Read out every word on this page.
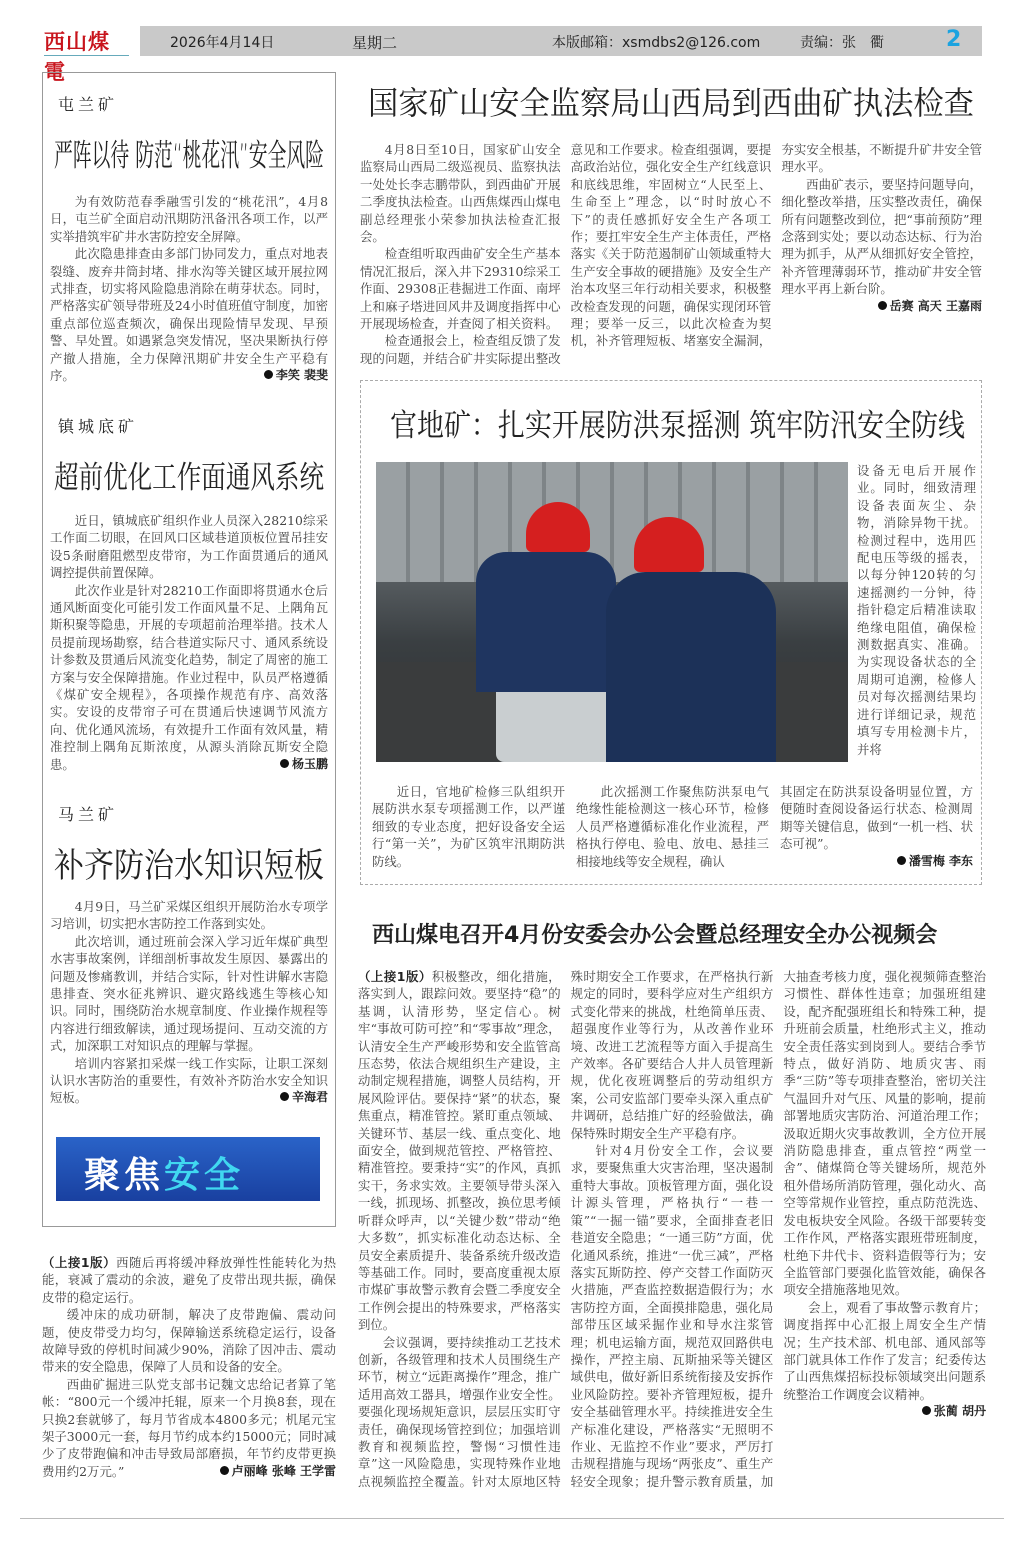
西山煤電
2026年4月14日	星期二	本版邮箱：xsmdbs2@126.com	责编：张　衢	2
屯兰矿
严阵以待 防范“桃花汛”安全风险

为有效防范春季融雪引发的“桃花汛”，4月8日，屯兰矿全面启动汛期防汛备汛各项工作，以严实举措筑牢矿井水害防控安全屏障。

此次隐患排查由多部门协同发力，重点对地表裂缝、废弃井筒封堵、排水沟等关键区域开展拉网式排查，切实将风险隐患消除在萌芽状态。同时，严格落实矿领导带班及24小时值班值守制度，加密重点部位巡查频次，确保出现险情早发现、早预警、早处置。如遇紧急突发情况，坚决果断执行停产撤人措施，全力保障汛期矿井安全生产平稳有序。	李笑 裴斐

镇城底矿
超前优化工作面通风系统

近日，镇城底矿组织作业人员深入28210综采工作面二切眼，在回风口区域巷道顶板位置吊挂安设5条耐磨阻燃型皮带帘，为工作面贯通后的通风调控提供前置保障。

此次作业是针对28210工作面即将贯通水仓后通风断面变化可能引发工作面风量不足、上隅角瓦斯积聚等隐患，开展的专项超前治理举措。技术人员提前现场勘察，结合巷道实际尺寸、通风系统设计参数及贯通后风流变化趋势，制定了周密的施工方案与安全保障措施。作业过程中，队员严格遵循《煤矿安全规程》，各项操作规范有序、高效落实。安设的皮带帘子可在贯通后快速调节风流方向、优化通风流场，有效提升工作面有效风量，精准控制上隅角瓦斯浓度，从源头消除瓦斯安全隐患。	杨玉鹏

马兰矿
补齐防治水知识短板

4月9日，马兰矿采煤区组织开展防治水专项学习培训，切实把水害防控工作落到实处。

此次培训，通过班前会深入学习近年煤矿典型水害事故案例，详细剖析事故发生原因、暴露出的问题及惨痛教训，并结合实际，针对性讲解水害隐患排查、突水征兆辨识、避灾路线逃生等核心知识。同时，围绕防治水规章制度、作业操作规程等内容进行细致解读，通过现场提问、互动交流的方式，加深职工对知识点的理解与掌握。

培训内容紧扣采煤一线工作实际，让职工深刻认识水害防治的重要性，有效补齐防治水安全知识短板。	辛海君

聚焦安全

（上接1版）西随后再将缓冲释放弹性性能转化为热能，衰减了震动的余波，避免了皮带出现共振，确保皮带的稳定运行。

缓冲床的成功研制，解决了皮带跑偏、震动问题，使皮带受力均匀，保障输送系统稳定运行，设备故障导致的停机时间减少90%，消除了因冲击、震动带来的安全隐患，保障了人员和设备的安全。

西曲矿掘进三队党支部书记魏文忠给记者算了笔帐：“800元一个缓冲托辊，原来一个月换8套，现在只换2套就够了，每月节省成本4800多元；机尾元宝架子3000元一套，每月节约成本约15000元；同时减少了皮带跑偏和冲击导致局部磨损，年节约皮带更换费用约2万元。”	卢丽峰 张峰 王学雷

国家矿山安全监察局山西局到西曲矿执法检查

4月8日至10日，国家矿山安全监察局山西局二级巡视员、监察执法一处处长李志鹏带队，到西曲矿开展二季度执法检查。山西焦煤西山煤电副总经理张小荣参加执法检查汇报会。

检查组听取西曲矿安全生产基本情况汇报后，深入井下29310综采工作面、29308正巷掘进工作面、南坪上和麻子塔进回风井及调度指挥中心开展现场检查，并查阅了相关资料。

检查通报会上，检查组反馈了发现的问题，并结合矿井实际提出整改意见和工作要求。检查组强调，要提高政治站位，强化安全生产红线意识和底线思维，牢固树立“人民至上、生命至上”理念，以“时时放心不下”的责任感抓好安全生产各项工作；要扛牢安全生产主体责任，严格落实《关于防范遏制矿山领域重特大生产安全事故的硬措施》及安全生产治本攻坚三年行动相关要求，积极整改检查发现的问题，确保实现闭环管理；要举一反三，以此次检查为契机，补齐管理短板、堵塞安全漏洞，夯实安全根基，不断提升矿井安全管理水平。

西曲矿表示，要坚持问题导向，细化整改举措，压实整改责任，确保所有问题整改到位，把“事前预防”理念落到实处；要以动态达标、行为治理为抓手，从严从细抓好安全管控，补齐管理薄弱环节，推动矿井安全管理水平再上新台阶。

岳赛 高天 王嘉雨
官地矿：扎实开展防洪泵摇测 筑牢防汛安全防线
设备无电后开展作业。同时，细致清理设备表面灰尘、杂物，消除异物干扰。检测过程中，选用匹配电压等级的摇表，以每分钟120转的匀速摇测约一分钟，待指针稳定后精准读取绝缘电阻值，确保检测数据真实、准确。为实现设备状态的全周期可追溯，检修人员对每次摇测结果均进行详细记录，规范填写专用检测卡片，并将

近日，官地矿检修三队组织开展防洪水泵专项摇测工作，以严谨细致的专业态度，把好设备安全运行“第一关”，为矿区筑牢汛期防洪防线。

此次摇测工作聚焦防洪泵电气绝缘性能检测这一核心环节，检修人员严格遵循标准化作业流程，严格执行停电、验电、放电、悬挂三相接地线等安全规程，确认

其固定在防洪泵设备明显位置，方便随时查阅设备运行状态、检测周期等关键信息，做到“一机一档、状态可视”。
潘雪梅 李东
西山煤电召开4月份安委会办公会暨总经理安全办公视频会

（上接1版）积极整改，细化措施，落实到人，跟踪问效。要坚持“稳”的基调，认清形势，坚定信心。树牢“事故可防可控”和“零事故”理念，认清安全生产严峻形势和安全监管高压态势，依法合规组织生产建设，主动制定规程措施，调整人员结构，开展风险评估。要保持“紧”的状态，聚焦重点，精准管控。紧盯重点领域、关键环节、基层一线、重点变化、地面安全，做到规范管控、严格管控、精准管控。要秉持“实”的作风，真抓实干，务求实效。主要领导带头深入一线，抓现场、抓整改，换位思考倾听群众呼声，以“关键少数”带动“绝大多数”，抓实标准化动态达标、全员安全素质提升、装备系统升级改造等基础工作。同时，要高度重视太原市煤矿事故警示教育会暨二季度安全工作例会提出的特殊要求，严格落实到位。

会议强调，要持续推动工艺技术创新，各级管理和技术人员围绕生产环节，树立“远距离操作”理念，推广适用高效工器具，增强作业安全性。要强化现场规矩意识，层层压实盯守责任，确保现场管控到位；加强培训教育和视频监控，警惕“习惯性违章”这一风险隐患，实现特殊作业地点视频监控全覆盖。针对太原地区特殊时期安全工作要求，在严格执行新规定的同时，要科学应对生产组织方式变化带来的挑战，杜绝简单压责、超强度作业等行为，从改善作业环境、改进工艺流程等方面入手提高生产效率。各矿要结合人井人员管理新规，优化夜班调整后的劳动组织方案，公司安监部门要牵头深入重点矿井调研，总结推广好的经验做法，确保特殊时期安全生产平稳有序。

针对4月份安全工作，会议要求，要聚焦重大灾害治理，坚决遏制重特大事故。顶板管理方面，强化设计源头管理，严格执行“一巷一策”“一掘一锚”要求，全面排查老旧巷道安全隐患；“一通三防”方面，优化通风系统，推进“一优三减”，严格落实瓦斯防控、停产交替工作面防灭火措施，严查监控数据造假行为；水害防控方面，全面摸排隐患，强化局部带压区域采掘作业和导水注浆管理；机电运输方面，规范双回路供电操作，严控主扇、瓦斯抽采等关键区域供电，做好新旧系统衔接及安拆作业风险防控。要补齐管理短板，提升安全基础管理水平。持续推进安全生产标准化建设，严格落实“无照明不作业、无监控不作业”要求，严厉打击规程措施与现场“两张皮”、重生产轻安全现象；提升警示教育质量，加大抽查考核力度，强化视频筛查整治习惯性、群体性违章；加强班组建设，配齐配强班组长和特殊工种，提升班前会质量，杜绝形式主义，推动安全责任落实到岗到人。要结合季节特点，做好消防、地质灾害、雨季“三防”等专项排查整治，密切关注气温回升对气压、风量的影响，提前部署地质灾害防治、河道治理工作；汲取近期火灾事故教训，全方位开展消防隐患排查，重点管控“两堂一舍”、储煤筒仓等关键场所，规范外租外借场所消防管理，强化动火、高空等常规作业管控，重点防范洗选、发电板块安全风险。各级干部要转变工作作风，严格落实跟班带班制度，杜绝下井代卡、资料造假等行为；安全监管部门要强化监管效能，确保各项安全措施落地见效。

会上，观看了事故警示教育片；调度指挥中心汇报上周安全生产情况；生产技术部、机电部、通风部等部门就具体工作作了发言；纪委传达了山西焦煤招标投标领域突出问题系统整治工作调度会议精神。

张蔺 胡丹
